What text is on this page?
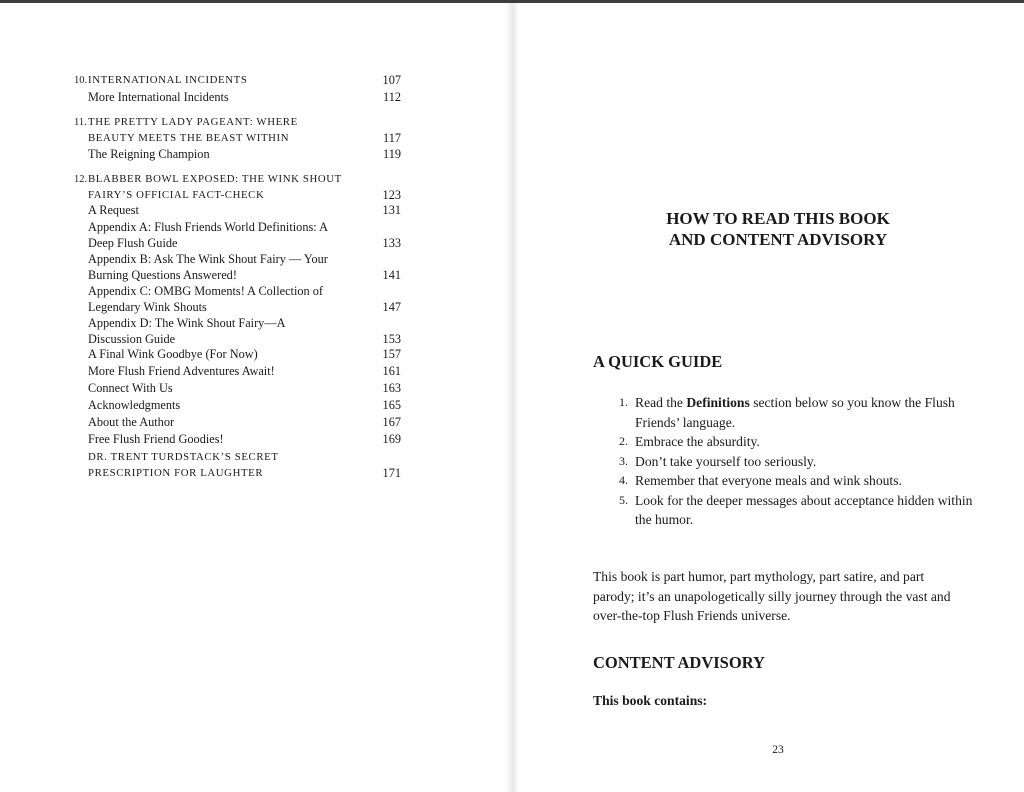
10. INTERNATIONAL INCIDENTS	107
More International Incidents	112
11. THE PRETTY LADY PAGEANT: WHERE
BEAUTY MEETS THE BEAST WITHIN	117
The Reigning Champion	119
12. BLABBER BOWL EXPOSED: THE WINK SHOUT
FAIRY’S OFFICIAL FACT-CHECK	123
A Request	131
Appendix A: Flush Friends World Definitions: A
Deep Flush Guide	133
Appendix B: Ask The Wink Shout Fairy — Your
Burning Questions Answered!	141
Appendix C: OMBG Moments! A Collection of
Legendary Wink Shouts	147
Appendix D: The Wink Shout Fairy—A
Discussion Guide	153
A Final Wink Goodbye (For Now)	157
More Flush Friend Adventures Await!	161
Connect With Us	163
Acknowledgments	165
About the Author	167
Free Flush Friend Goodies!	169
DR. TRENT TURDSTACK’S SECRET
PRESCRIPTION FOR LAUGHTER	171
HOW TO READ THIS BOOK
AND CONTENT ADVISORY
A QUICK GUIDE
1. Read the Definitions section below so you know the Flush Friends’ language.
2. Embrace the absurdity.
3. Don’t take yourself too seriously.
4. Remember that everyone meals and wink shouts.
5. Look for the deeper messages about acceptance hidden within the humor.

This book is part humor, part mythology, part satire, and part parody; it’s an unapologetically silly journey through the vast and over-the-top Flush Friends universe.

CONTENT ADVISORY
This book contains:
23
